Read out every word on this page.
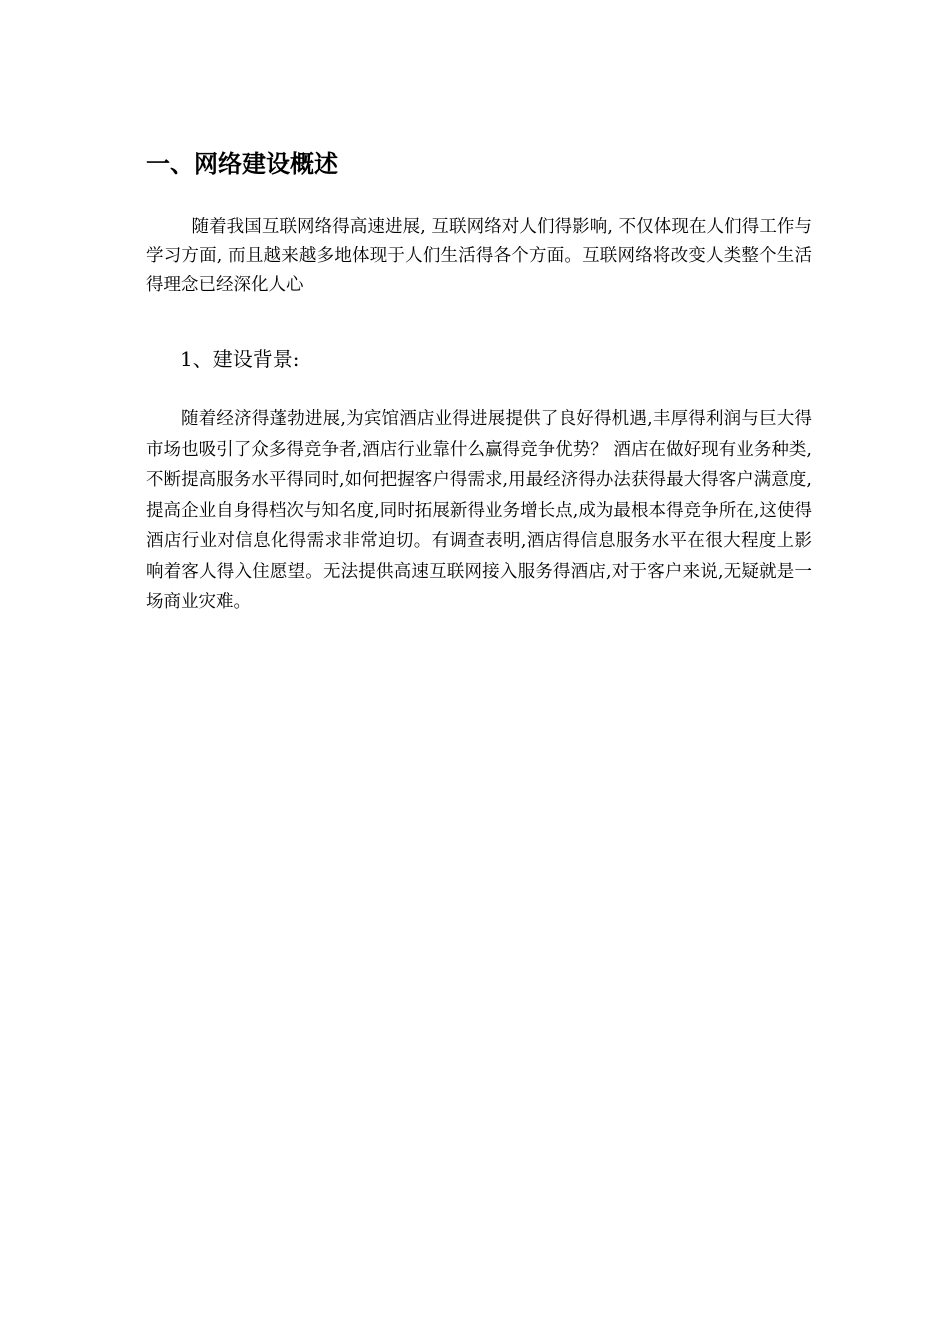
一、网络建设概述

随着我国互联网络得高速进展, 互联网络对人们得影响, 不仅体现在人们得工作与学习方面, 而且越来越多地体现于人们生活得各个方面。互联网络将改变人类整个生活得理念已经深化人心

1、建设背景:

随着经济得蓬勃进展,为宾馆酒店业得进展提供了良好得机遇,丰厚得利润与巨大得市场也吸引了众多得竞争者,酒店行业靠什么赢得竞争优势？ 酒店在做好现有业务种类,不断提高服务水平得同时,如何把握客户得需求,用最经济得办法获得最大得客户满意度,提高企业自身得档次与知名度,同时拓展新得业务增长点,成为最根本得竞争所在,这使得酒店行业对信息化得需求非常迫切。有调查表明,酒店得信息服务水平在很大程度上影响着客人得入住愿望。无法提供高速互联网接入服务得酒店,对于客户来说,无疑就是一场商业灾难。
